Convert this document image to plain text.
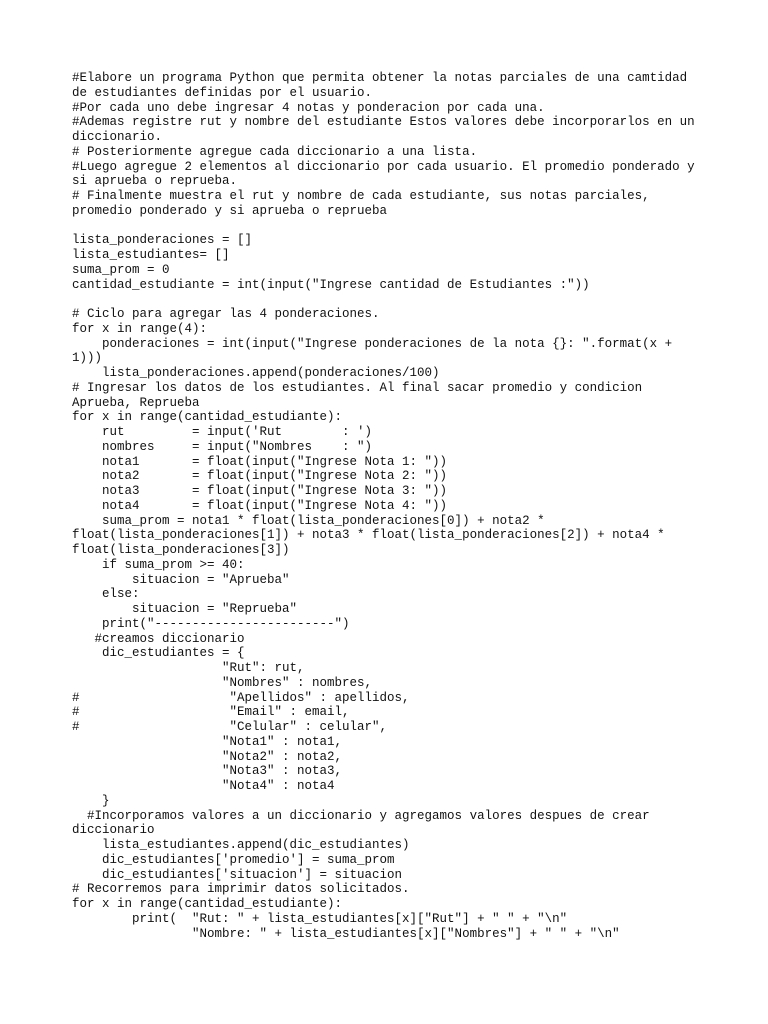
#Elabore un programa Python que permita obtener la notas parciales de una camtidad
de estudiantes definidas por el usuario.
#Por cada uno debe ingresar 4 notas y ponderacion por cada una.
#Ademas registre rut y nombre del estudiante Estos valores debe incorporarlos en un
diccionario.
# Posteriormente agregue cada diccionario a una lista.
#Luego agregue 2 elementos al diccionario por cada usuario. El promedio ponderado y
si aprueba o reprueba.
# Finalmente muestra el rut y nombre de cada estudiante, sus notas parciales,
promedio ponderado y si aprueba o reprueba
lista_ponderaciones = []
lista_estudiantes= []
suma_prom = 0
cantidad_estudiante = int(input("Ingrese cantidad de Estudiantes :"))
# Ciclo para agregar las 4 ponderaciones.
for x in range(4):
ponderaciones = int(input("Ingrese ponderaciones de la nota {}: ".format(x +
1)))
lista_ponderaciones.append(ponderaciones/100)
# Ingresar los datos de los estudiantes. Al final sacar promedio y condicion
Aprueba, Reprueba
for x in range(cantidad_estudiante):
rut         = input('Rut        : ')
nombres     = input("Nombres    : ")
nota1       = float(input("Ingrese Nota 1: "))
nota2       = float(input("Ingrese Nota 2: "))
nota3       = float(input("Ingrese Nota 3: "))
nota4       = float(input("Ingrese Nota 4: "))
suma_prom = nota1 * float(lista_ponderaciones[0]) + nota2 *
float(lista_ponderaciones[1]) + nota3 * float(lista_ponderaciones[2]) + nota4 *
float(lista_ponderaciones[3])
if suma_prom >= 40:
situacion = "Aprueba"
else:
situacion = "Reprueba"
print("------------------------")
#creamos diccionario
dic_estudiantes = {
"Rut": rut,
"Nombres" : nombres,
#                    "Apellidos" : apellidos,
#                    "Email" : email,
#                    "Celular" : celular",
"Nota1" : nota1,
"Nota2" : nota2,
"Nota3" : nota3,
"Nota4" : nota4
}
#Incorporamos valores a un diccionario y agregamos valores despues de crear
diccionario
lista_estudiantes.append(dic_estudiantes)
dic_estudiantes['promedio'] = suma_prom
dic_estudiantes['situacion'] = situacion
# Recorremos para imprimir datos solicitados.
for x in range(cantidad_estudiante):
print(  "Rut: " + lista_estudiantes[x]["Rut"] + " " + "\n"
"Nombre: " + lista_estudiantes[x]["Nombres"] + " " + "\n"
